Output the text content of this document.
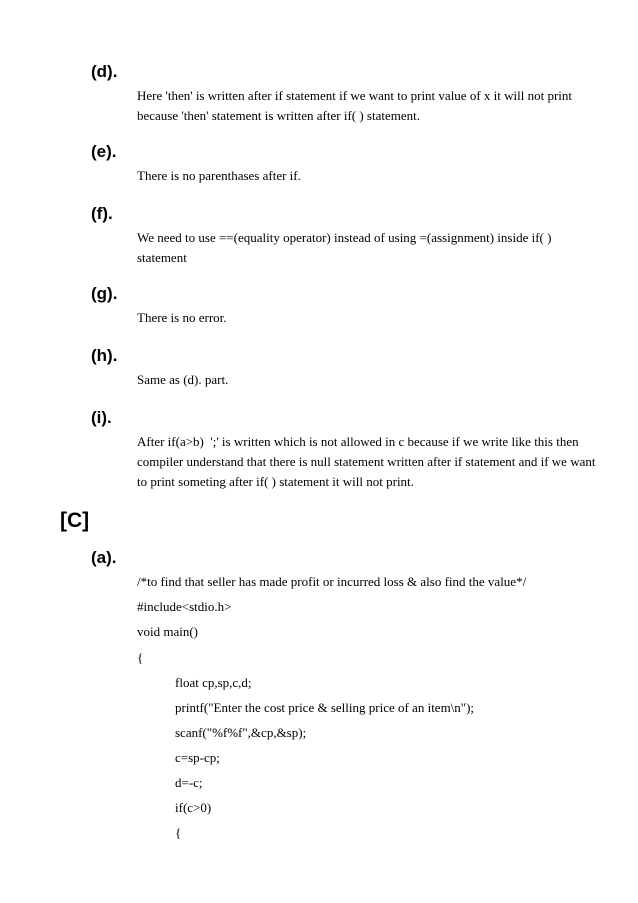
(d).

Here 'then' is written after if statement if we want to print value of x it will not print because 'then' statement is written after if( ) statement.

(e).

There is no parenthases after if.

(f).

We need to use ==(equality operator) instead of using =(assignment) inside if( ) statement

(g).

There is no error.

(h).

Same as (d). part.

(i).

After if(a>b)  ';' is written which is not allowed in c because if we write like this then compiler understand that there is null statement written after if statement and if we want to print someting after if( ) statement it will not print.

[C]
(a).

/*to find that seller has made profit or incurred loss & also find the value*/

#include<stdio.h>

void main()

{

float cp,sp,c,d;

printf("Enter the cost price & selling price of an item\n");

scanf("%f%f",&cp,&sp);

c=sp-cp;

d=-c;

if(c>0)

{
